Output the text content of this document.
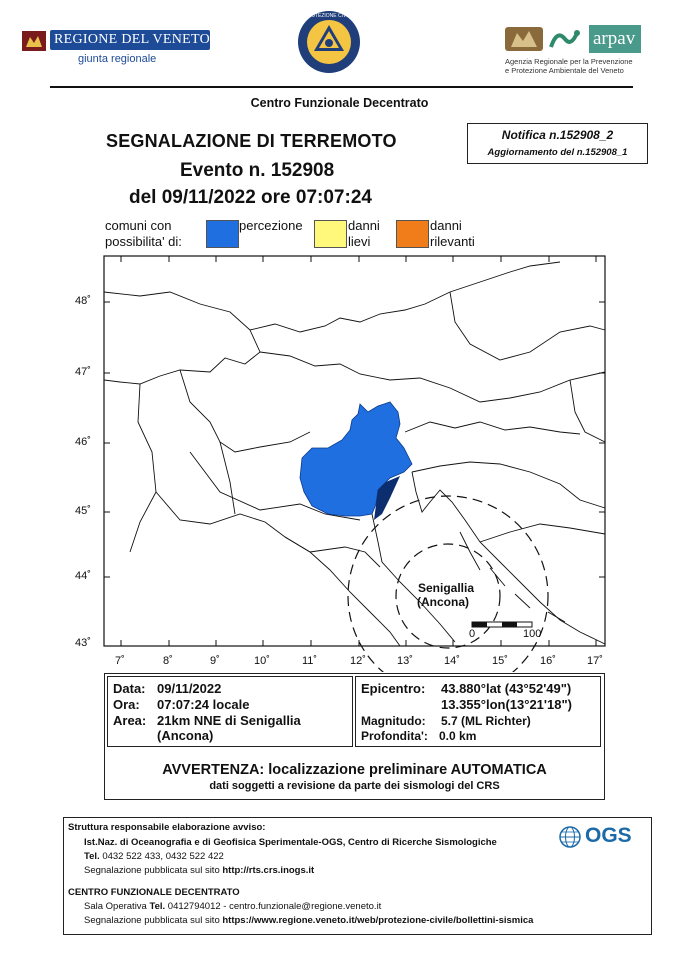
REGIONE DEL VENETO
giunta regionale
PROTEZIONE CIVILE
arpav
Agenzia Regionale per la Prevenzione
e Protezione Ambientale del Veneto
Centro Funzionale Decentrato
SEGNALAZIONE DI TERREMOTO
Evento n. 152908
del 09/11/2022 ore 07:07:24
Notifica n.152908_2
Aggiornamento del n.152908_1
comuni con
possibilita' di:
percezione	danni
lievi
danni
rilevanti
48˚
47˚
46˚
45˚
44˚
43˚
7˚	8˚	9˚	10˚	11˚	12˚	13˚	14˚	15˚	16˚	17˚
Senigallia
(Ancona)
0	100
Data: 09/11/2022
Ora: 07:07:24 locale
Area: 21km NNE di Senigallia
(Ancona)
Epicentro: 43.880°lat (43°52'49")
13.355°lon(13°21'18")
Magnitudo: 5.7 (ML Richter)
Profondita': 0.0 km
AVVERTENZA: localizzazione preliminare AUTOMATICA
dati soggetti a revisione da parte dei sismologi del CRS
Struttura responsabile elaborazione avviso:
Ist.Naz. di Oceanografia e di Geofisica Sperimentale-OGS, Centro di Ricerche Sismologiche
Tel. 0432 522 433, 0432 522 422
Segnalazione pubblicata sul sito http://rts.crs.inogs.it
OGS
CENTRO FUNZIONALE DECENTRATO
Sala Operativa Tel. 0412794012 - centro.funzionale@regione.veneto.it
Segnalazione pubblicata sul sito https://www.regione.veneto.it/web/protezione-civile/bollettini-sismica
